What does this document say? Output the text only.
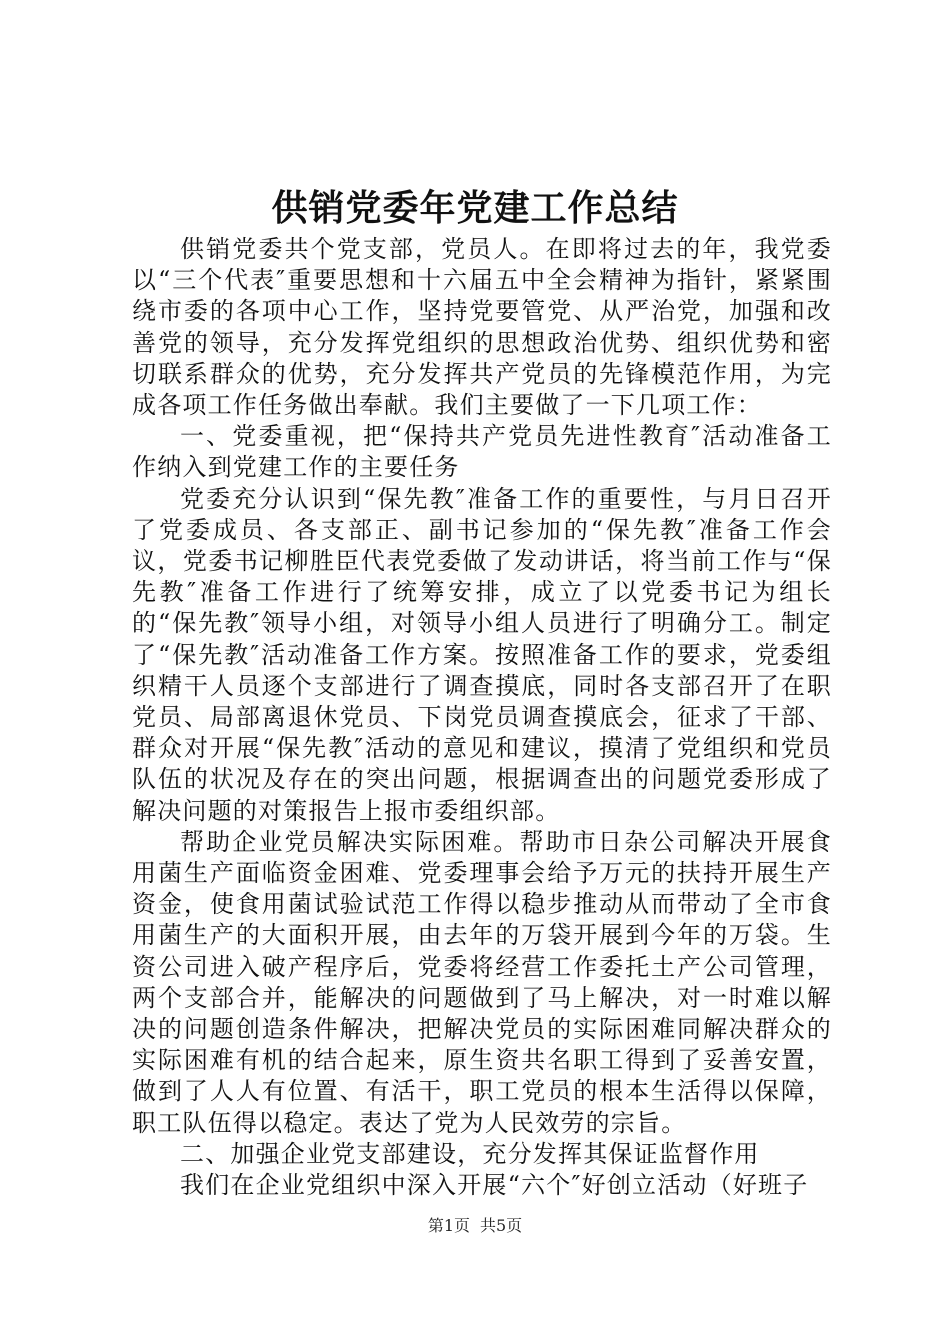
供销党委年党建工作总结

供销党委共个党支部，党员人。在即将过去的年，我党委以“三个代表″重要思想和十六届五中全会精神为指针，紧紧围绕市委的各项中心工作，坚持党要管党、从严治党，加强和改善党的领导，充分发挥党组织的思想政治优势、组织优势和密切联系群众的优势，充分发挥共产党员的先锋模范作用，为完成各项工作任务做出奉献。我们主要做了一下几项工作：

一、党委重视，把“保持共产党员先进性教育″活动准备工作纳入到党建工作的主要任务

党委充分认识到“保先教″准备工作的重要性，与月日召开了党委成员、各支部正、副书记参加的“保先教″准备工作会议，党委书记柳胜臣代表党委做了发动讲话，将当前工作与“保先教″准备工作进行了统筹安排，成立了以党委书记为组长的“保先教″领导小组，对领导小组人员进行了明确分工。制定了“保先教″活动准备工作方案。按照准备工作的要求，党委组织精干人员逐个支部进行了调查摸底，同时各支部召开了在职党员、局部离退休党员、下岗党员调查摸底会，征求了干部、群众对开展“保先教″活动的意见和建议，摸清了党组织和党员队伍的状况及存在的突出问题，根据调查出的问题党委形成了解决问题的对策报告上报市委组织部。

帮助企业党员解决实际困难。帮助市日杂公司解决开展食用菌生产面临资金困难、党委理事会给予万元的扶持开展生产资金，使食用菌试验试范工作得以稳步推动从而带动了全市食用菌生产的大面积开展，由去年的万袋开展到今年的万袋。生资公司进入破产程序后，党委将经营工作委托土产公司管理，两个支部合并，能解决的问题做到了马上解决，对一时难以解决的问题创造条件解决，把解决党员的实际困难同解决群众的实际困难有机的结合起来，原生资共名职工得到了妥善安置，做到了人人有位置、有活干，职工党员的根本生活得以保障，职工队伍得以稳定。表达了党为人民效劳的宗旨。

二、加强企业党支部建设，充分发挥其保证监督作用

我们在企业党组织中深入开展“六个″好创立活动（好班子

第1页 共5页
